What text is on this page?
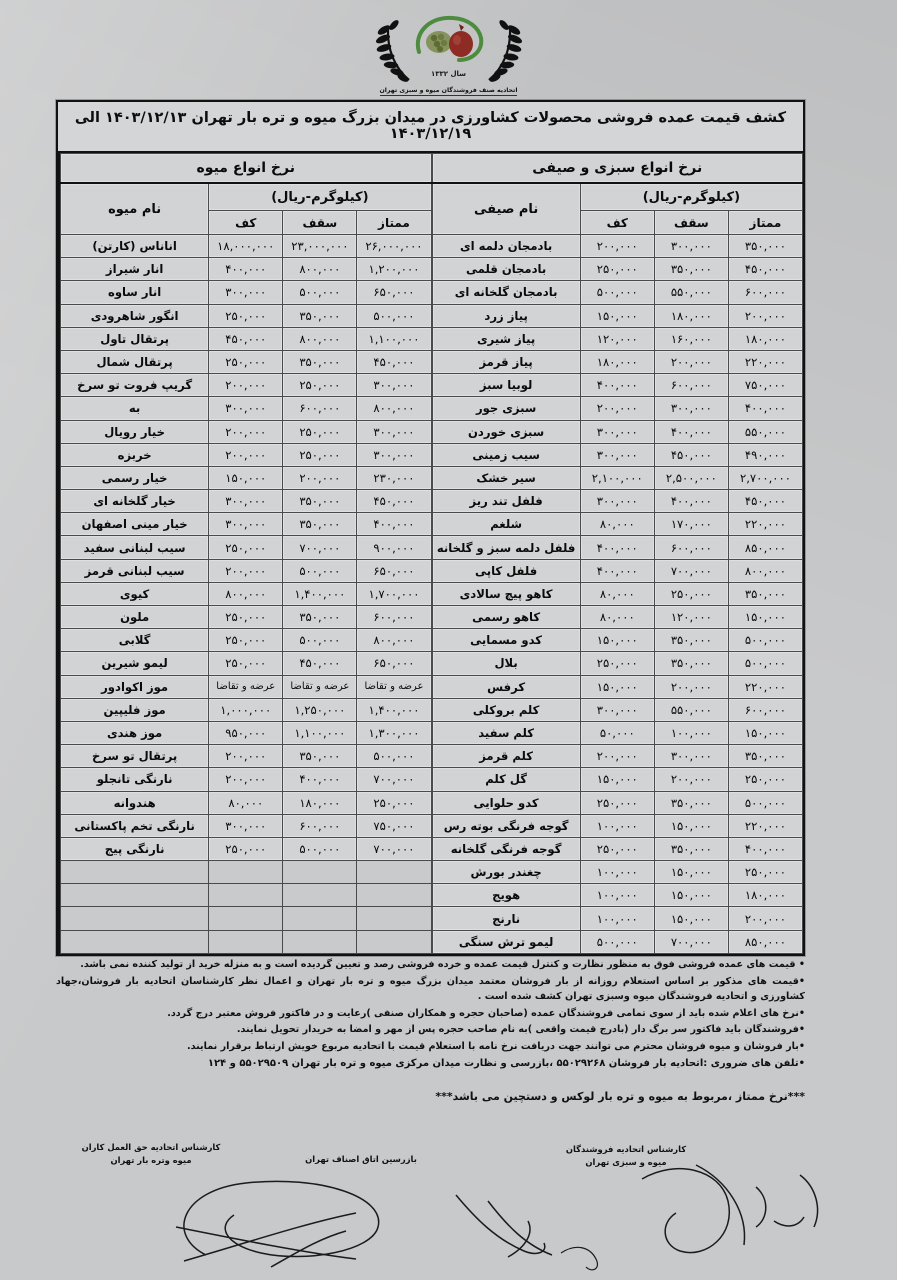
سال ۱۳۳۲
اتحادیه صنف فروشندگان میوه و سبزی تهران
کشف قیمت عمده فروشی محصولات کشاورزی در میدان بزرگ میوه و تره بار تهران ۱۴۰۳/۱۲/۱۳ الی ۱۴۰۳/۱۲/۱۹
نرخ انواع سبزی و صیفی			
(کیلوگرم-ریال)			نام صیفی
ممتاز	سقف	کف	
۳۵۰,۰۰۰	۳۰۰,۰۰۰	۲۰۰,۰۰۰	بادمجان دلمه ای
۴۵۰,۰۰۰	۳۵۰,۰۰۰	۲۵۰,۰۰۰	بادمجان قلمی
۶۰۰,۰۰۰	۵۵۰,۰۰۰	۵۰۰,۰۰۰	بادمجان گلخانه ای
۲۰۰,۰۰۰	۱۸۰,۰۰۰	۱۵۰,۰۰۰	پیاز زرد
۱۸۰,۰۰۰	۱۶۰,۰۰۰	۱۲۰,۰۰۰	پیاز شیری
۲۲۰,۰۰۰	۲۰۰,۰۰۰	۱۸۰,۰۰۰	پیاز قرمز
۷۵۰,۰۰۰	۶۰۰,۰۰۰	۴۰۰,۰۰۰	لوبیا سبز
۴۰۰,۰۰۰	۳۰۰,۰۰۰	۲۰۰,۰۰۰	سبزی جور
۵۵۰,۰۰۰	۴۰۰,۰۰۰	۳۰۰,۰۰۰	سبزی خوردن
۴۹۰,۰۰۰	۴۵۰,۰۰۰	۳۰۰,۰۰۰	سیب زمینی
۲,۷۰۰,۰۰۰	۲,۵۰۰,۰۰۰	۲,۱۰۰,۰۰۰	سیر خشک
۴۵۰,۰۰۰	۴۰۰,۰۰۰	۳۰۰,۰۰۰	فلفل تند ریز
۲۲۰,۰۰۰	۱۷۰,۰۰۰	۸۰,۰۰۰	شلغم
۸۵۰,۰۰۰	۶۰۰,۰۰۰	۴۰۰,۰۰۰	فلفل دلمه سبز و گلخانه
۸۰۰,۰۰۰	۷۰۰,۰۰۰	۴۰۰,۰۰۰	فلفل کاپی
۳۵۰,۰۰۰	۲۵۰,۰۰۰	۸۰,۰۰۰	کاهو پیچ سالادی
۱۵۰,۰۰۰	۱۲۰,۰۰۰	۸۰,۰۰۰	کاهو رسمی
۵۰۰,۰۰۰	۳۵۰,۰۰۰	۱۵۰,۰۰۰	کدو مسمایی
۵۰۰,۰۰۰	۳۵۰,۰۰۰	۲۵۰,۰۰۰	بلال
۲۲۰,۰۰۰	۲۰۰,۰۰۰	۱۵۰,۰۰۰	کرفس
۶۰۰,۰۰۰	۵۵۰,۰۰۰	۳۰۰,۰۰۰	کلم بروکلی
۱۵۰,۰۰۰	۱۰۰,۰۰۰	۵۰,۰۰۰	کلم سفید
۳۵۰,۰۰۰	۳۰۰,۰۰۰	۲۰۰,۰۰۰	کلم قرمز
۲۵۰,۰۰۰	۲۰۰,۰۰۰	۱۵۰,۰۰۰	گل کلم
۵۰۰,۰۰۰	۳۵۰,۰۰۰	۲۵۰,۰۰۰	کدو حلوایی
۲۲۰,۰۰۰	۱۵۰,۰۰۰	۱۰۰,۰۰۰	گوجه فرنگی بوته رس
۴۰۰,۰۰۰	۳۵۰,۰۰۰	۲۵۰,۰۰۰	گوجه فرنگی گلخانه
۲۵۰,۰۰۰	۱۵۰,۰۰۰	۱۰۰,۰۰۰	چغندر بورش
۱۸۰,۰۰۰	۱۵۰,۰۰۰	۱۰۰,۰۰۰	هویج
۲۰۰,۰۰۰	۱۵۰,۰۰۰	۱۰۰,۰۰۰	نارنج
۸۵۰,۰۰۰	۷۰۰,۰۰۰	۵۰۰,۰۰۰	لیمو ترش سنگی
نرخ انواع میوه			
(کیلوگرم-ریال)			نام میوه
ممتاز	سقف	کف	
۲۶,۰۰۰,۰۰۰	۲۳,۰۰۰,۰۰۰	۱۸,۰۰۰,۰۰۰	اناناس (کارتن)
۱,۲۰۰,۰۰۰	۸۰۰,۰۰۰	۴۰۰,۰۰۰	انار شیراز
۶۵۰,۰۰۰	۵۰۰,۰۰۰	۳۰۰,۰۰۰	انار ساوه
۵۰۰,۰۰۰	۳۵۰,۰۰۰	۲۵۰,۰۰۰	انگور شاهرودی
۱,۱۰۰,۰۰۰	۸۰۰,۰۰۰	۴۵۰,۰۰۰	پرتقال تاول
۴۵۰,۰۰۰	۳۵۰,۰۰۰	۲۵۰,۰۰۰	پرتقال شمال
۳۰۰,۰۰۰	۲۵۰,۰۰۰	۲۰۰,۰۰۰	گریپ فروت تو سرخ
۸۰۰,۰۰۰	۶۰۰,۰۰۰	۳۰۰,۰۰۰	به
۳۰۰,۰۰۰	۲۵۰,۰۰۰	۲۰۰,۰۰۰	خیار رویال
۳۰۰,۰۰۰	۲۵۰,۰۰۰	۲۰۰,۰۰۰	خربزه
۲۳۰,۰۰۰	۲۰۰,۰۰۰	۱۵۰,۰۰۰	خیار رسمی
۴۵۰,۰۰۰	۳۵۰,۰۰۰	۳۰۰,۰۰۰	خیار گلخانه ای
۴۰۰,۰۰۰	۳۵۰,۰۰۰	۳۰۰,۰۰۰	خیار مینی اصفهان
۹۰۰,۰۰۰	۷۰۰,۰۰۰	۲۵۰,۰۰۰	سیب لبنانی سفید
۶۵۰,۰۰۰	۵۰۰,۰۰۰	۲۰۰,۰۰۰	سیب لبنانی قرمز
۱,۷۰۰,۰۰۰	۱,۴۰۰,۰۰۰	۸۰۰,۰۰۰	کیوی
۶۰۰,۰۰۰	۳۵۰,۰۰۰	۲۵۰,۰۰۰	ملون
۸۰۰,۰۰۰	۵۰۰,۰۰۰	۲۵۰,۰۰۰	گلابی
۶۵۰,۰۰۰	۴۵۰,۰۰۰	۲۵۰,۰۰۰	لیمو شیرین
عرضه و تقاضا	عرضه و تقاضا	عرضه و تقاضا	موز اکوادور
۱,۴۰۰,۰۰۰	۱,۲۵۰,۰۰۰	۱,۰۰۰,۰۰۰	موز فلیپین
۱,۳۰۰,۰۰۰	۱,۱۰۰,۰۰۰	۹۵۰,۰۰۰	موز هندی
۵۰۰,۰۰۰	۳۵۰,۰۰۰	۲۰۰,۰۰۰	پرتقال تو سرخ
۷۰۰,۰۰۰	۴۰۰,۰۰۰	۲۰۰,۰۰۰	نارنگی تانجلو
۲۵۰,۰۰۰	۱۸۰,۰۰۰	۸۰,۰۰۰	هندوانه
۷۵۰,۰۰۰	۶۰۰,۰۰۰	۳۰۰,۰۰۰	نارنگی تخم پاکستانی
۷۰۰,۰۰۰	۵۰۰,۰۰۰	۲۵۰,۰۰۰	نارنگی پیج

• قیمت های عمده فروشی فوق به منظور نظارت و کنترل قیمت عمده و خرده فروشی رصد و تعیین گردیده است و به منزله خرید از تولید کننده نمی باشد.
•قیمت های مذکور بر اساس استعلام روزانه از بار فروشان معتمد میدان بزرگ میوه و تره بار تهران و اعمال نظر کارشناسان اتحادیه بار فروشان،جهاد کشاورزی و اتحادیه فروشندگان میوه وسبزی تهران کشف شده است .
•نرخ های اعلام شده باید از سوی تمامی فروشندگان عمده (صاحبان حجره و همکاران صنفی )رعایت و در فاکتور فروش معتبر درج گردد.
•فروشندگان باید فاکتور سر برگ دار (بادرج قیمت واقعی )به نام صاحب حجره پس از مهر و امضا به خریدار تحویل نمایند.
•بار فروشان و میوه فروشان محترم می توانند جهت دریافت نرخ نامه با استعلام قیمت با اتحادیه مربوع خویش ارتباط برقرار نمایند.
•تلفن های ضروری :اتحادیه بار فروشان ۵۵۰۲۹۲۶۸ ،بازرسی و نظارت میدان مرکزی میوه و تره بار تهران ۵۵۰۲۹۵۰۹ و ۱۲۴
***نرخ ممتاز ،مربوط به میوه و تره بار لوکس و دستچین می باشد***
کارشناس اتحادیه فروشندگان
میوه و سبزی تهران
بازرسین اتاق اصناف تهران
کارشناس اتحادیه حق العمل کاران
میوه وتره بار تهران
